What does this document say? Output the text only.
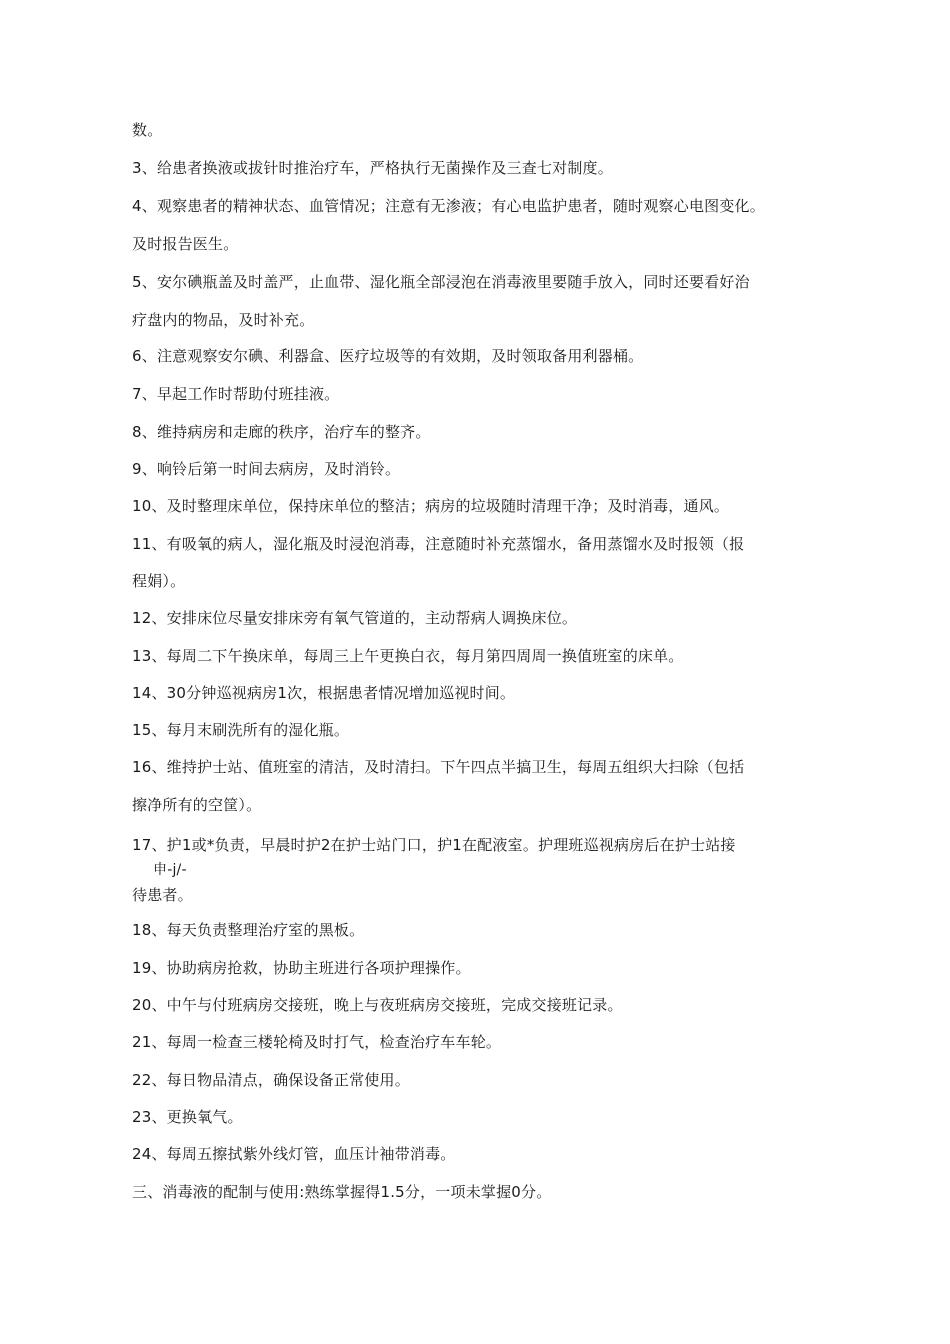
数。
3、给患者换液或拔针时推治疗车，严格执行无菌操作及三查七对制度。
4、观察患者的精神状态、血管情况；注意有无渗液；有心电监护患者，随时观察心电图变化。
及时报告医生。
5、安尔碘瓶盖及时盖严，止血带、湿化瓶全部浸泡在消毒液里要随手放入，同时还要看好治
疗盘内的物品，及时补充。
6、注意观察安尔碘、利器盒、医疗垃圾等的有效期，及时领取备用利器桶。
7、早起工作时帮助付班挂液。
8、维持病房和走廊的秩序，治疗车的整齐。
9、响铃后第一时间去病房，及时消铃。
10、及时整理床单位，保持床单位的整洁；病房的垃圾随时清理干净；及时消毒，通风。
11、有吸氧的病人，湿化瓶及时浸泡消毒，注意随时补充蒸馏水，备用蒸馏水及时报领（报
程娟）。
12、安排床位尽量安排床旁有氧气管道的，主动帮病人调换床位。
13、每周二下午换床单，每周三上午更换白衣，每月第四周周一换值班室的床单。
14、30分钟巡视病房1次，根据患者情况增加巡视时间。
15、每月末刷洗所有的湿化瓶。
16、维持护士站、值班室的清洁，及时清扫。下午四点半搞卫生，每周五组织大扫除（包括
擦净所有的空筐）。
17、护1或*负责，早晨时护2在护士站门口，护1在配液室。护理班巡视病房后在护士站接
申-j/-
待患者。
18、每天负责整理治疗室的黑板。
19、协助病房抢救，协助主班进行各项护理操作。
20、中午与付班病房交接班，晚上与夜班病房交接班，完成交接班记录。
21、每周一检查三楼轮椅及时打气，检查治疗车车轮。
22、每日物品清点，确保设备正常使用。
23、更换氧气。
24、每周五擦拭紫外线灯管，血压计袖带消毒。
三、消毒液的配制与使用:熟练掌握得1.5分，一项未掌握0分。
